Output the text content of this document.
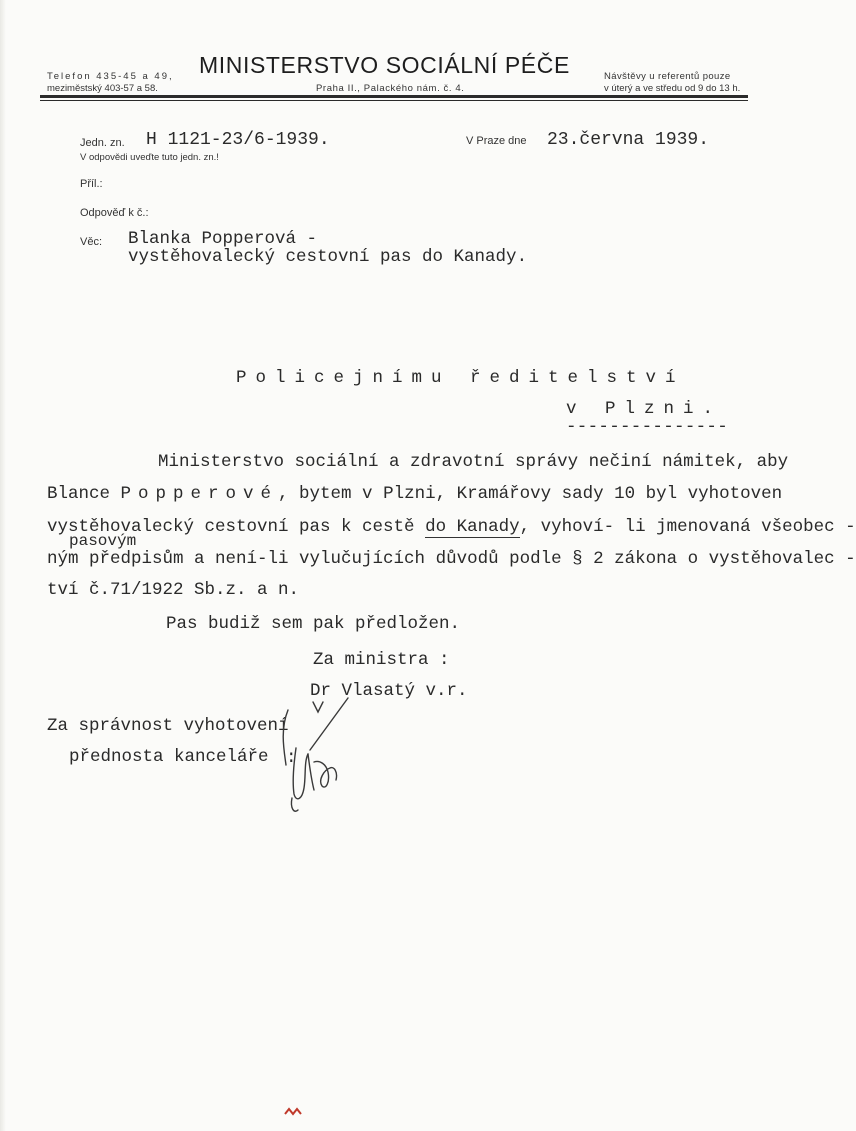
Telefon 435-45 a 49,
meziměstský 403-57 a 58.
MINISTERSTVO SOCIÁLNÍ PÉČE
Praha II., Palackého nám. č. 4.
Návštěvy u referentů pouze
v úterý a ve středu od 9 do 13 h.
Jedn. zn. H 1121-23/6-1939.
V odpovědi uveďte tuto jedn. zn.!
V Praze dne 23.června 1939.
Příl.:
Odpověď k č.:
Věc: Blanka Popperová -
vystěhovalecký cestovní pas do Kanady.
Policejnímu ředitelství
v Plzni.
---------------
Ministerstvo sociální a zdravotní správy nečiní námitek, aby
Blance Popperové, bytem v Plzni, Kramářovy sady 10 byl vyhotoven
vystěhovalecký cestovní pas k cestě do Kanady, vyhoví- li jmenovaná všeobec -
pasovým
ným předpisům a není-li vylučujících důvodů podle § 2 zákona o vystěhovalec -
tví č.71/1922 Sb.z. a n.
Pas budiž sem pak předložen.
Za ministra :
Dr Vlasatý v.r.
Za správnost vyhotovení
přednosta kanceláře :
